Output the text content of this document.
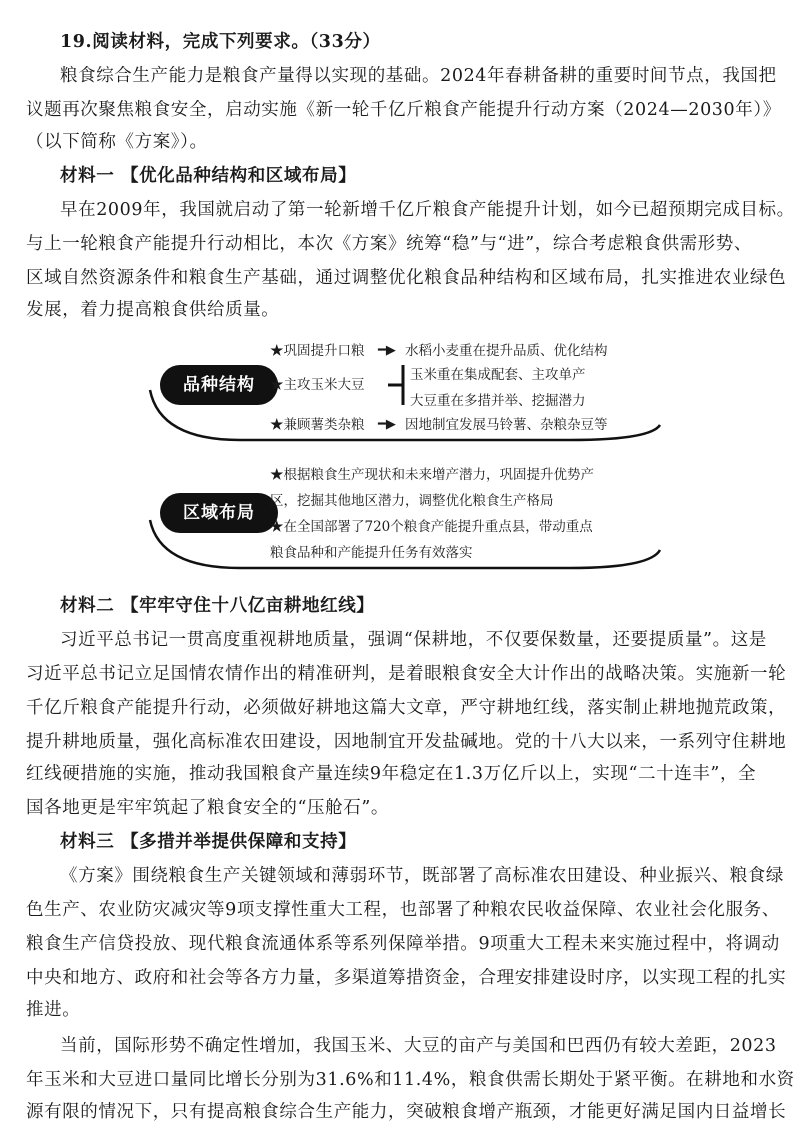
19.阅读材料，完成下列要求。（33分）
粮食综合生产能力是粮食产量得以实现的基础。2024年春耕备耕的重要时间节点，我国把
议题再次聚焦粮食安全，启动实施《新一轮千亿斤粮食产能提升行动方案（2024—2030年）》
（以下简称《方案》）。
材料一 【优化品种结构和区域布局】
早在2009年，我国就启动了第一轮新增千亿斤粮食产能提升计划，如今已超预期完成目标。
与上一轮粮食产能提升行动相比，本次《方案》统筹“稳”与“进”，综合考虑粮食供需形势、
区域自然资源条件和粮食生产基础，通过调整优化粮食品种结构和区域布局，扎实推进农业绿色
发展，着力提高粮食供给质量。
品种结构
区域布局
★巩固提升口粮 ━▶ 水稻小麦重在提升品质、优化结构
★主攻玉米大豆
玉米重在集成配套、主攻单产
大豆重在多措并举、挖掘潜力
★兼顾薯类杂粮 ━▶ 因地制宜发展马铃薯、杂粮杂豆等
★根据粮食生产现状和未来增产潜力，巩固提升优势产
区，挖掘其他地区潜力，调整优化粮食生产格局
★在全国部署了720个粮食产能提升重点县，带动重点
粮食品种和产能提升任务有效落实
材料二 【牢牢守住十八亿亩耕地红线】
习近平总书记一贯高度重视耕地质量，强调“保耕地，不仅要保数量，还要提质量”。这是
习近平总书记立足国情农情作出的精准研判，是着眼粮食安全大计作出的战略决策。实施新一轮
千亿斤粮食产能提升行动，必须做好耕地这篇大文章，严守耕地红线，落实制止耕地抛荒政策，
提升耕地质量，强化高标准农田建设，因地制宜开发盐碱地。党的十八大以来，一系列守住耕地
红线硬措施的实施，推动我国粮食产量连续9年稳定在1.3万亿斤以上，实现“二十连丰”，全
国各地更是牢牢筑起了粮食安全的“压舱石”。
材料三 【多措并举提供保障和支持】
《方案》围绕粮食生产关键领域和薄弱环节，既部署了高标准农田建设、种业振兴、粮食绿
色生产、农业防灾减灾等9项支撑性重大工程，也部署了种粮农民收益保障、农业社会化服务、
粮食生产信贷投放、现代粮食流通体系等系列保障举措。9项重大工程未来实施过程中，将调动
中央和地方、政府和社会等各方力量，多渠道筹措资金，合理安排建设时序，以实现工程的扎实
推进。
当前，国际形势不确定性增加，我国玉米、大豆的亩产与美国和巴西仍有较大差距，2023
年玉米和大豆进口量同比增长分别为31.6%和11.4%，粮食供需长期处于紧平衡。在耕地和水资
源有限的情况下，只有提高粮食综合生产能力，突破粮食增产瓶颈，才能更好满足国内日益增长
